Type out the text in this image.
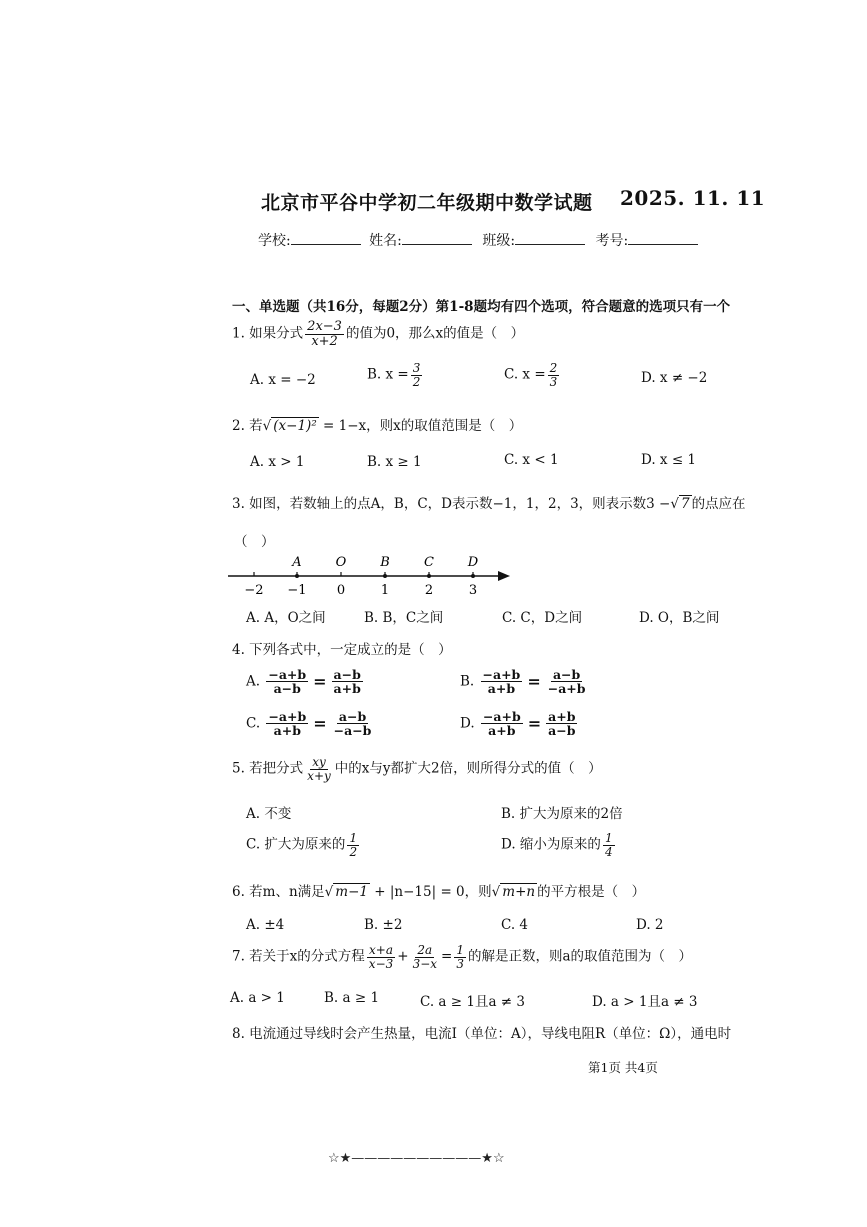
北京市平谷中学初二年级期中数学试题 2025. 11. 11
学校:	姓名:	班级:	考号:
一、单选题（共16分，每题2分）第1-8题均有四个选项，符合题意的选项只有一个
1. 如果分式 $\frac{2x-3}{x+2}$ 的值为0，那么x的值是（　）
A. x = −2	B. $x = \frac{3}{2}$	C. $x = \frac{2}{3}$	D. x ≠ −2
2. 若√ (x−1)² = 1−x，则x的取值范围是（　）
A. x > 1	B. x ≥ 1	C. x < 1	D. x ≤ 1
3. 如图，若数轴上的点A，B，C，D表示数−1，1，2，3，则表示数3 −√ 7 的点应在
（　）
A	O	B	C	D
−2 −1 0	1	2	3
A. A，O之间	B. B，C之间	C. C，D之间	D. O，B之间
4. 下列各式中，一定成立的是（　）
A. $\frac{-a+b}{a-b} = \frac{a-b}{a+b}$	B. $\frac{-a+b}{a+b} = \frac{a-b}{-a+b}$
C. $\frac{-a+b}{a+b} = \frac{a-b}{-a-b}$	D. $\frac{-a+b}{a+b} = \frac{a+b}{a-b}$
5. 若把分式 $\frac{xy}{x+y}$ 中的x与y都扩大2倍，则所得分式的值（　）
A. 不变	B. 扩大为原来的2倍
C. 扩大为原来的 $\frac{1}{2}$	D. 缩小为原来的 $\frac{1}{4}$
6. 若m、n满足√ m−1 + |n−15| = 0，则√ m+n 的平方根是（　）
A. ±4	B. ±2	C. 4	D. 2
7. 若关于x的分式方程 $\frac{x+a}{x-3} + \frac{2a}{3-x} = \frac{1}{3}$ 的解是正数，则a的取值范围为（　）
A. a > 1	B. a ≥ 1	C. a ≥ 1且a ≠ 3	D. a > 1且a ≠ 3
8. 电流通过导线时会产生热量，电流I（单位：A），导线电阻R（单位：Ω），通电时
第1页 共4页
☆★——————————★☆
